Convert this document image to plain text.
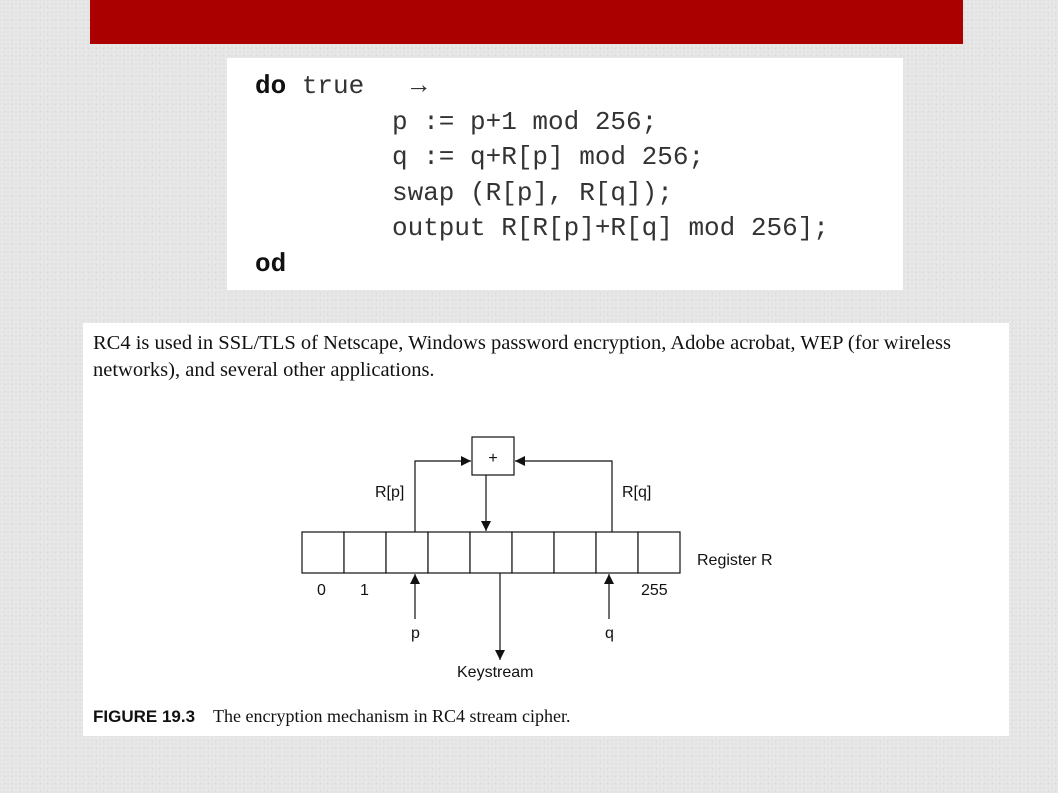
do true   →
p := p+1 mod 256;
q := q+R[p] mod 256;
swap (R[p], R[q]);
output R[R[p]+R[q] mod 256];
od

RC4 is used in SSL/TLS of Netscape, Windows password encryption, Adobe acrobat, WEP (for wireless networks), and several other applications.

+
R[p]	R[q]
Register R
0 1	255
p	q
Keystream

FIGURE 19.3 The encryption mechanism in RC4 stream cipher.
